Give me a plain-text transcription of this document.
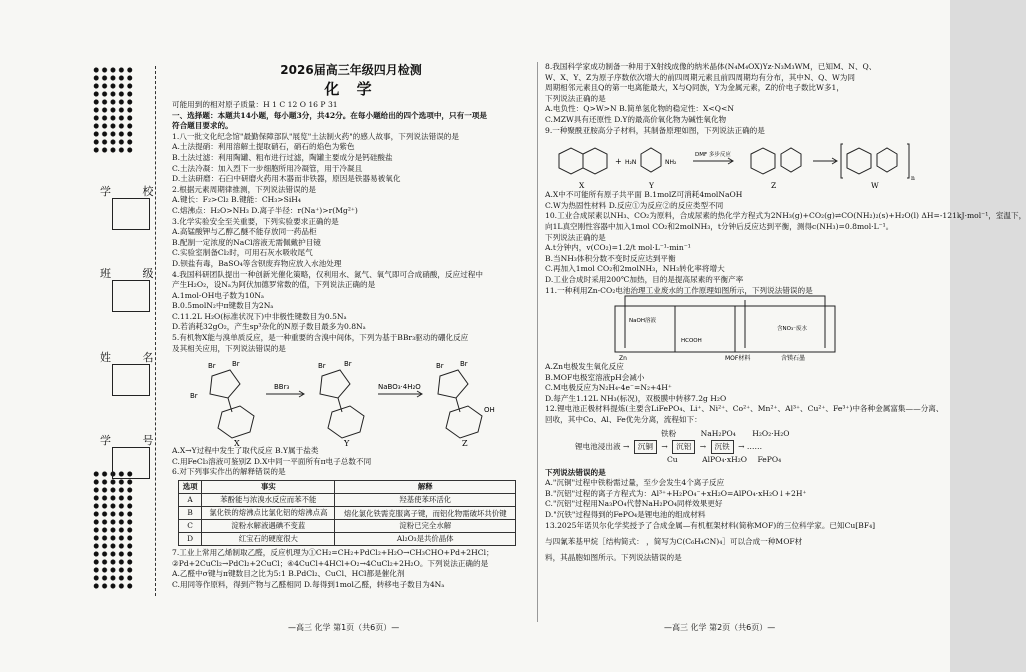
学 校
班 级
姓 名
学 号
2026届高三年级四月检测
化 学
可能用到的相对原子质量：H 1 C 12 O 16 P 31
一、选择题：本题共14小题，每小题3分，共42分。在每小题给出的四个选项中，只有一项是
符合题目要求的。
1.八一批文化纪念馆"最勤保障部队"展览"土法制火药"的感人故事，下列说法错误的是
A.土法提硝：利用溶解土提取硝石，硝石的焰色为紫色
B.土法过滤：利用陶罐、粗布进行过滤，陶罐主要成分是钙硅酸盐
C.土法冷凝：加入烈下一步细胞所用冷凝管，用于冷凝且
D.土法研磨：石臼中研磨火药用木器而非铁器，原因是铁器易被氧化
2.根据元素周期律推测，下列说法错误的是
A.键长：F₂>Cl₂ B.键能：CH₃>SiH₄
C.熔沸点：H₂O>NH₃ D.离子半径：r(Na⁺)>r(Mg²⁺)
3.化学实验安全至关重要，下列实验要求正确的是
A.高锰酸钾与乙醇乙醚不能存放同一药品柜
B.配制一定浓度的NaCl溶液无需佩戴护目镜
C.实验室制备Cl₂时，可用石灰水吸收尾气
D.钡盐有毒，BaSO₄等含钡废弃物应放入水池处理
4.我国科研团队提出一种创新光催化策略，仅利用水、氮气、氧气即可合成硝酸，反应过程中
产生H₂O₂，设Nₐ为阿伏加德罗常数的值，下列说法正确的是
A.1mol-OH电子数为10Nₐ
B.0.5molN₂中π键数目为2Nₐ
C.11.2L H₂O(标准状况下)中非极性键数目为0.5Nₐ
D.若消耗32gO₂，产生sp³杂化的N原子数目最多为0.8Nₐ
5.有机物X能与溴单质反应，是一种重要的含溴中间体，下列为基于BBr₃驱动的硼化反应
及其相关应用，下列说法错误的是
Br Br
Br
Br	Br	Br Br
OH
BBr₃	NaBO₃·4H₂O
X	Y	Z
A.X→Y过程中发生了取代反应 B.Y属于盐类
C.用FeCl₃溶液可鉴别Z D.X中同一平面所有π电子总数不同
6.对下列事实作出的解释错误的是
选项	事实	解释
A	苯酚能与浓溴水反应而苯不能	羟基使苯环活化
B	氯化铁的熔沸点比氯化铝的熔沸点高	熔化氯化铁需克服离子键，而铝化物需破坏共价键
C	淀粉水解液遇碘不变蓝	淀粉已完全水解
D	红宝石的硬度很大	Al₂O₃是共价晶体
7.工业上常用乙烯制取乙醛，反应机理为①CH₂=CH₂+PdCl₂+H₂O→CH₃CHO+Pd+2HCl；
②Pd+2CuCl₂→PdCl₂+2CuCl；④4CuCl+4HCl+O₂→4CuCl₂+2H₂O。下列说法正确的是
A.乙醛中σ键与π键数目之比为5:1 B.PdCl₂、CuCl、HCl都是催化剂
C.用同等作原料，得到产物与乙醛相同 D.每得到1mol乙醛，转移电子数目为4Nₐ
—高三 化学 第1页（共6页）—
8.我国科学家成功制备一种用于X射线成像的纳米晶体(N₄M₄OX)Yz·N₃M₃WM，已知M、N、Q、
W、X、Y、Z为原子序数依次增大的前四周期元素且前四周期均有分布，其中N、Q、W为同
周期相邻元素且Q的第一电离能最大，X与Q同族，Y为金属元素，Z的价电子数比W多1，
下列说法正确的是
A.电负性：Q>W>N B.简单氢化物的稳定性：X<Q<N
C.MZW具有还原性 D.Y的最高价氧化物为碱性氧化物
9.一种聚酰亚胺高分子材料，其制备原理如图，下列说法正确的是
+ H₂N	NH₂
DMF 多步反应
n
X	Y	Z	W
A.X中不可能所有原子共平面 B.1molZ可消耗4molNaOH
C.W为热固性材料 D.反应①为反应②的反应类型不同
10.工业合成尿素以NH₃、CO₂为原料，合成尿素的热化学方程式为2NH₃(g)+CO₂(g)⇌CO(NH₂)₂(s)+H₂O(l) ΔH=-121kJ·mol⁻¹，室温下，
向1L真空刚性容器中加入1mol CO₂和2molNH₃，t分钟后反应达到平衡，测得c(NH₃)=0.8mol·L⁻¹。
下列说法正确的是
A.t分钟内，v(CO₂)=1.2/t mol·L⁻¹·min⁻¹
B.当NH₃体积分数不变时反应达到平衡
C.再加入1mol CO₂和2molNH₃，NH₃转化率将增大
D.工业合成时采用200℃加热，目的是提高尿素的平衡产率
11.一种利用Zn-CO₂电池治理工业废水的工作原理如图所示，下列说法错误的是
NaOH溶液
HCOOH
含NO₃⁻废水
Zn	MOF材料	含镁石墨
A.Zn电极发生氧化反应
B.MOF电极室溶液pH会减小
C.M电极反应为N₂H₄-4e⁻=N₂+4H⁺
D.每产生1.12L NH₃(标况)，双极膜中转移7.2g H₂O
12.锂电池正极材料提炼(主要含LiFePO₄、Li⁺、Ni²⁺、Co²⁺、Mn²⁺、Al³⁺、Cu²⁺、Fe³⁺)中各种金属富集——分离、
回收，其中Co、Al、Fe优先分离，流程如下：
铁粉	NaH₂PO₄ H₂O₂·H₂O
锂电池浸出液 → 沉铜 → 沉铝 → 沉铁 → ……
Cu	AlPO₄·xH₂O FePO₄
下列说法错误的是
A."沉铜"过程中铁粉需过量，至少会发生4个离子反应
B."沉铝"过程的离子方程式为：Al³⁺+H₂PO₄⁻+xH₂O=AlPO₄·xH₂O↓+2H⁺
C."沉铝"过程用Na₃PO₄代替NaH₂PO₄同样效果更好
D."沉铁"过程得到的FePO₄是锂电池的组成材料
13.2025年诺贝尔化学奖授予了合成金属—有机框架材料(简称MOF)的三位科学家。已知Cu[BF₄]
与四氰苯基甲烷［结构简式： ，简写为C(C₆H₄CN)₄］可以合成一种MOF材
料，其晶胞如图所示。下列说法错误的是
—高三 化学 第2页（共6页）—
